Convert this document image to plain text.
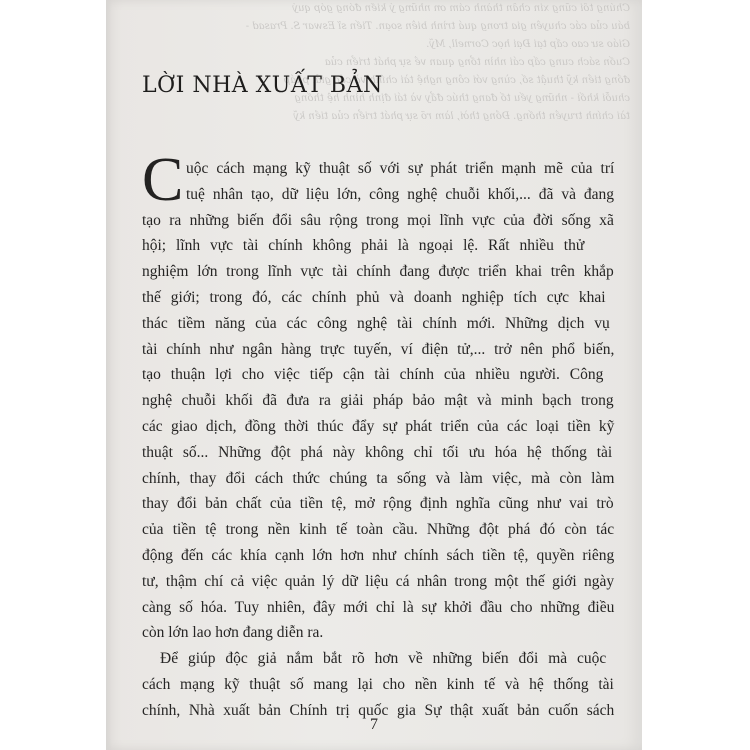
Chúng tôi cũng xin chân thành cảm ơn những ý kiến đóng góp quý
báu của các chuyên gia trong quá trình biên soạn. Tiến sĩ Eswar S. Prasad -
Giáo sư cao cấp tại Đại học Cornell, Mỹ.
Cuốn sách cung cấp cái nhìn tổng quan về sự phát triển của
đồng tiền kỹ thuật số, cùng với công nghệ tài chính và các giải pháp
chuỗi khối - những yếu tố đang thúc đẩy và tái định hình hệ thống
tài chính truyền thống. Đồng thời, làm rõ sự phát triển của tiền kỹ
LỜI NHÀ XUẤT BẢN
C uộc cách mạng kỹ thuật số với sự phát triển mạnh mẽ của trí
tuệ nhân tạo, dữ liệu lớn, công nghệ chuỗi khối,... đã và đang
tạo ra những biến đổi sâu rộng trong mọi lĩnh vực của đời sống xã
hội; lĩnh vực tài chính không phải là ngoại lệ. Rất nhiều thử
nghiệm lớn trong lĩnh vực tài chính đang được triển khai trên khắp
thế giới; trong đó, các chính phủ và doanh nghiệp tích cực khai
thác tiềm năng của các công nghệ tài chính mới. Những dịch vụ
tài chính như ngân hàng trực tuyến, ví điện tử,... trở nên phổ biến,
tạo thuận lợi cho việc tiếp cận tài chính của nhiều người. Công
nghệ chuỗi khối đã đưa ra giải pháp bảo mật và minh bạch trong
các giao dịch, đồng thời thúc đẩy sự phát triển của các loại tiền kỹ
thuật số... Những đột phá này không chỉ tối ưu hóa hệ thống tài
chính, thay đổi cách thức chúng ta sống và làm việc, mà còn làm
thay đổi bản chất của tiền tệ, mở rộng định nghĩa cũng như vai trò
của tiền tệ trong nền kinh tế toàn cầu. Những đột phá đó còn tác
động đến các khía cạnh lớn hơn như chính sách tiền tệ, quyền riêng
tư, thậm chí cả việc quản lý dữ liệu cá nhân trong một thế giới ngày
càng số hóa. Tuy nhiên, đây mới chỉ là sự khởi đầu cho những điều
còn lớn lao hơn đang diễn ra.
Để giúp độc giả nắm bắt rõ hơn về những biến đổi mà cuộc
cách mạng kỹ thuật số mang lại cho nền kinh tế và hệ thống tài
chính, Nhà xuất bản Chính trị quốc gia Sự thật xuất bản cuốn sách
7
